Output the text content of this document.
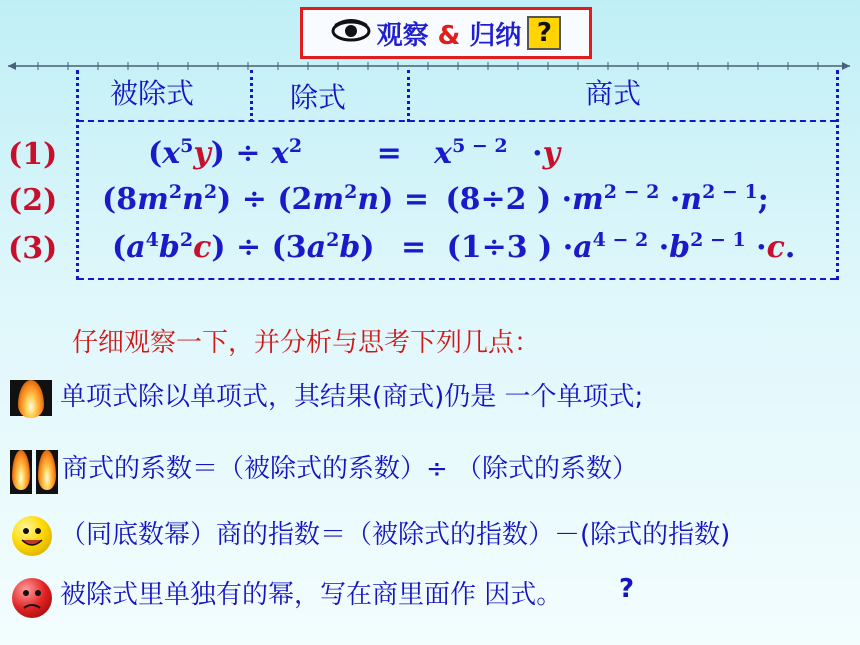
观察 & 归纳 ?
被除式	除式	商式
(1)
(2)
(3)
$(x^5y) \div x^2 = x^{5 - 2} \cdot y$
$(8m^2n^2) \div (2m^2n) = (8\div 2$ ) $\cdot m^{2 - 2} \cdot n^{2 - 1}$;
$(a^4b^2c) \div (3a^2b) = (1\div 3$ ) $\cdot a^{4 - 2} \cdot b^{2 - 1} \cdot c$.
仔细观察一下，并分析与思考下列几点：
单项式除以单项式，其结果(商式)仍是 一个单项式;
商式的系数＝（被除式的系数）÷ （除式的系数）
（同底数幂）商的指数＝（被除式的指数）－(除式的指数)
被除式里单独有的幂，写在商里面作 因式。 ?
